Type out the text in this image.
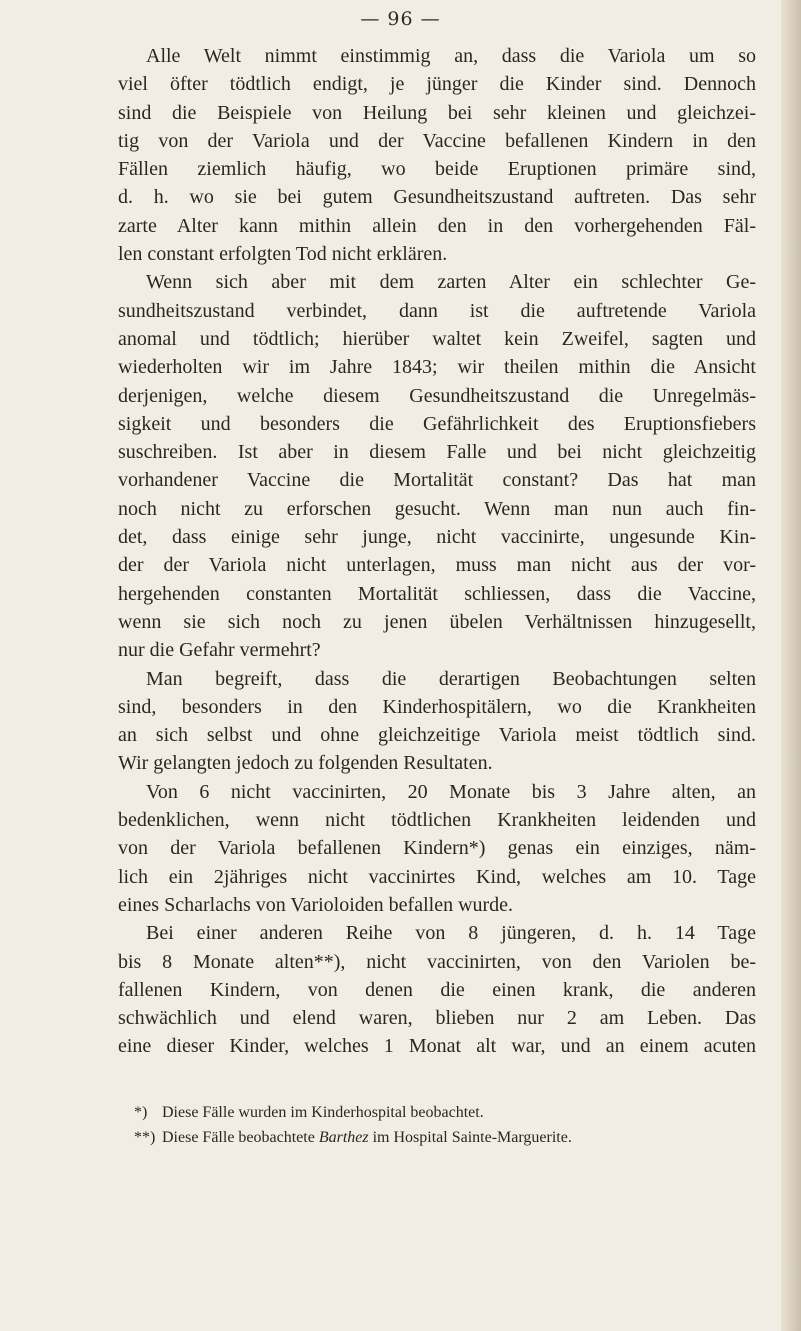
— 96 —
Alle Welt nimmt einstimmig an, dass die Variola um so
viel öfter tödtlich endigt, je jünger die Kinder sind. Dennoch
sind die Beispiele von Heilung bei sehr kleinen und gleichzei-
tig von der Variola und der Vaccine befallenen Kindern in den
Fällen ziemlich häufig, wo beide Eruptionen primäre sind,
d. h. wo sie bei gutem Gesundheitszustand auftreten. Das sehr
zarte Alter kann mithin allein den in den vorhergehenden Fäl-
len constant erfolgten Tod nicht erklären.
Wenn sich aber mit dem zarten Alter ein schlechter Ge-
sundheitszustand verbindet, dann ist die auftretende Variola
anomal und tödtlich; hierüber waltet kein Zweifel, sagten und
wiederholten wir im Jahre 1843; wir theilen mithin die Ansicht
derjenigen, welche diesem Gesundheitszustand die Unregelmäs-
sigkeit und besonders die Gefährlichkeit des Eruptionsfiebers
suschreiben. Ist aber in diesem Falle und bei nicht gleichzeitig
vorhandener Vaccine die Mortalität constant? Das hat man
noch nicht zu erforschen gesucht. Wenn man nun auch fin-
det, dass einige sehr junge, nicht vaccinirte, ungesunde Kin-
der der Variola nicht unterlagen, muss man nicht aus der vor-
hergehenden constanten Mortalität schliessen, dass die Vaccine,
wenn sie sich noch zu jenen übelen Verhältnissen hinzugesellt,
nur die Gefahr vermehrt?
Man begreift, dass die derartigen Beobachtungen selten
sind, besonders in den Kinderhospitälern, wo die Krankheiten
an sich selbst und ohne gleichzeitige Variola meist tödtlich sind.
Wir gelangten jedoch zu folgenden Resultaten.
Von 6 nicht vaccinirten, 20 Monate bis 3 Jahre alten, an
bedenklichen, wenn nicht tödtlichen Krankheiten leidenden und
von der Variola befallenen Kindern*) genas ein einziges, näm-
lich ein 2jähriges nicht vaccinirtes Kind, welches am 10. Tage
eines Scharlachs von Varioloiden befallen wurde.
Bei einer anderen Reihe von 8 jüngeren, d. h. 14 Tage
bis 8 Monate alten**), nicht vaccinirten, von den Variolen be-
fallenen Kindern, von denen die einen krank, die anderen
schwächlich und elend waren, blieben nur 2 am Leben. Das
eine dieser Kinder, welches 1 Monat alt war, und an einem acuten
*) Diese Fälle wurden im Kinderhospital beobachtet.
**) Diese Fälle beobachtete Barthez im Hospital Sainte-Marguerite.
